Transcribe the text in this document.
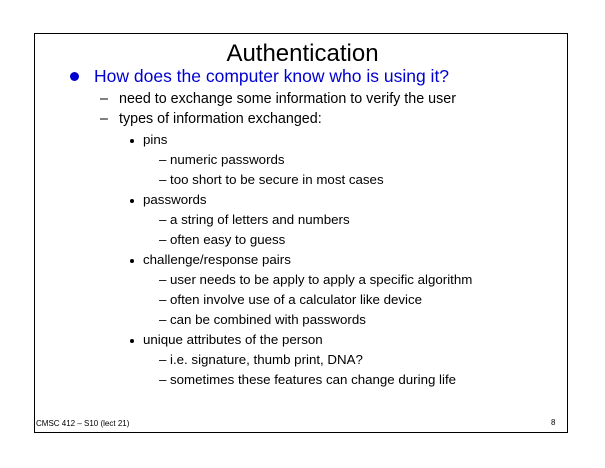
Authentication
How does the computer know who is using it?
– need to exchange some information to verify the user
– types of information exchanged:
pins
– numeric passwords
– too short to be secure in most cases
passwords
– a string of letters and numbers
– often easy to guess
challenge/response pairs
– user needs to be apply to apply a specific algorithm
– often involve use of a calculator like device
– can be combined with passwords
unique attributes of the person
– i.e. signature, thumb print, DNA?
– sometimes these features can change during life
CMSC 412 – S10 (lect 21)	8
